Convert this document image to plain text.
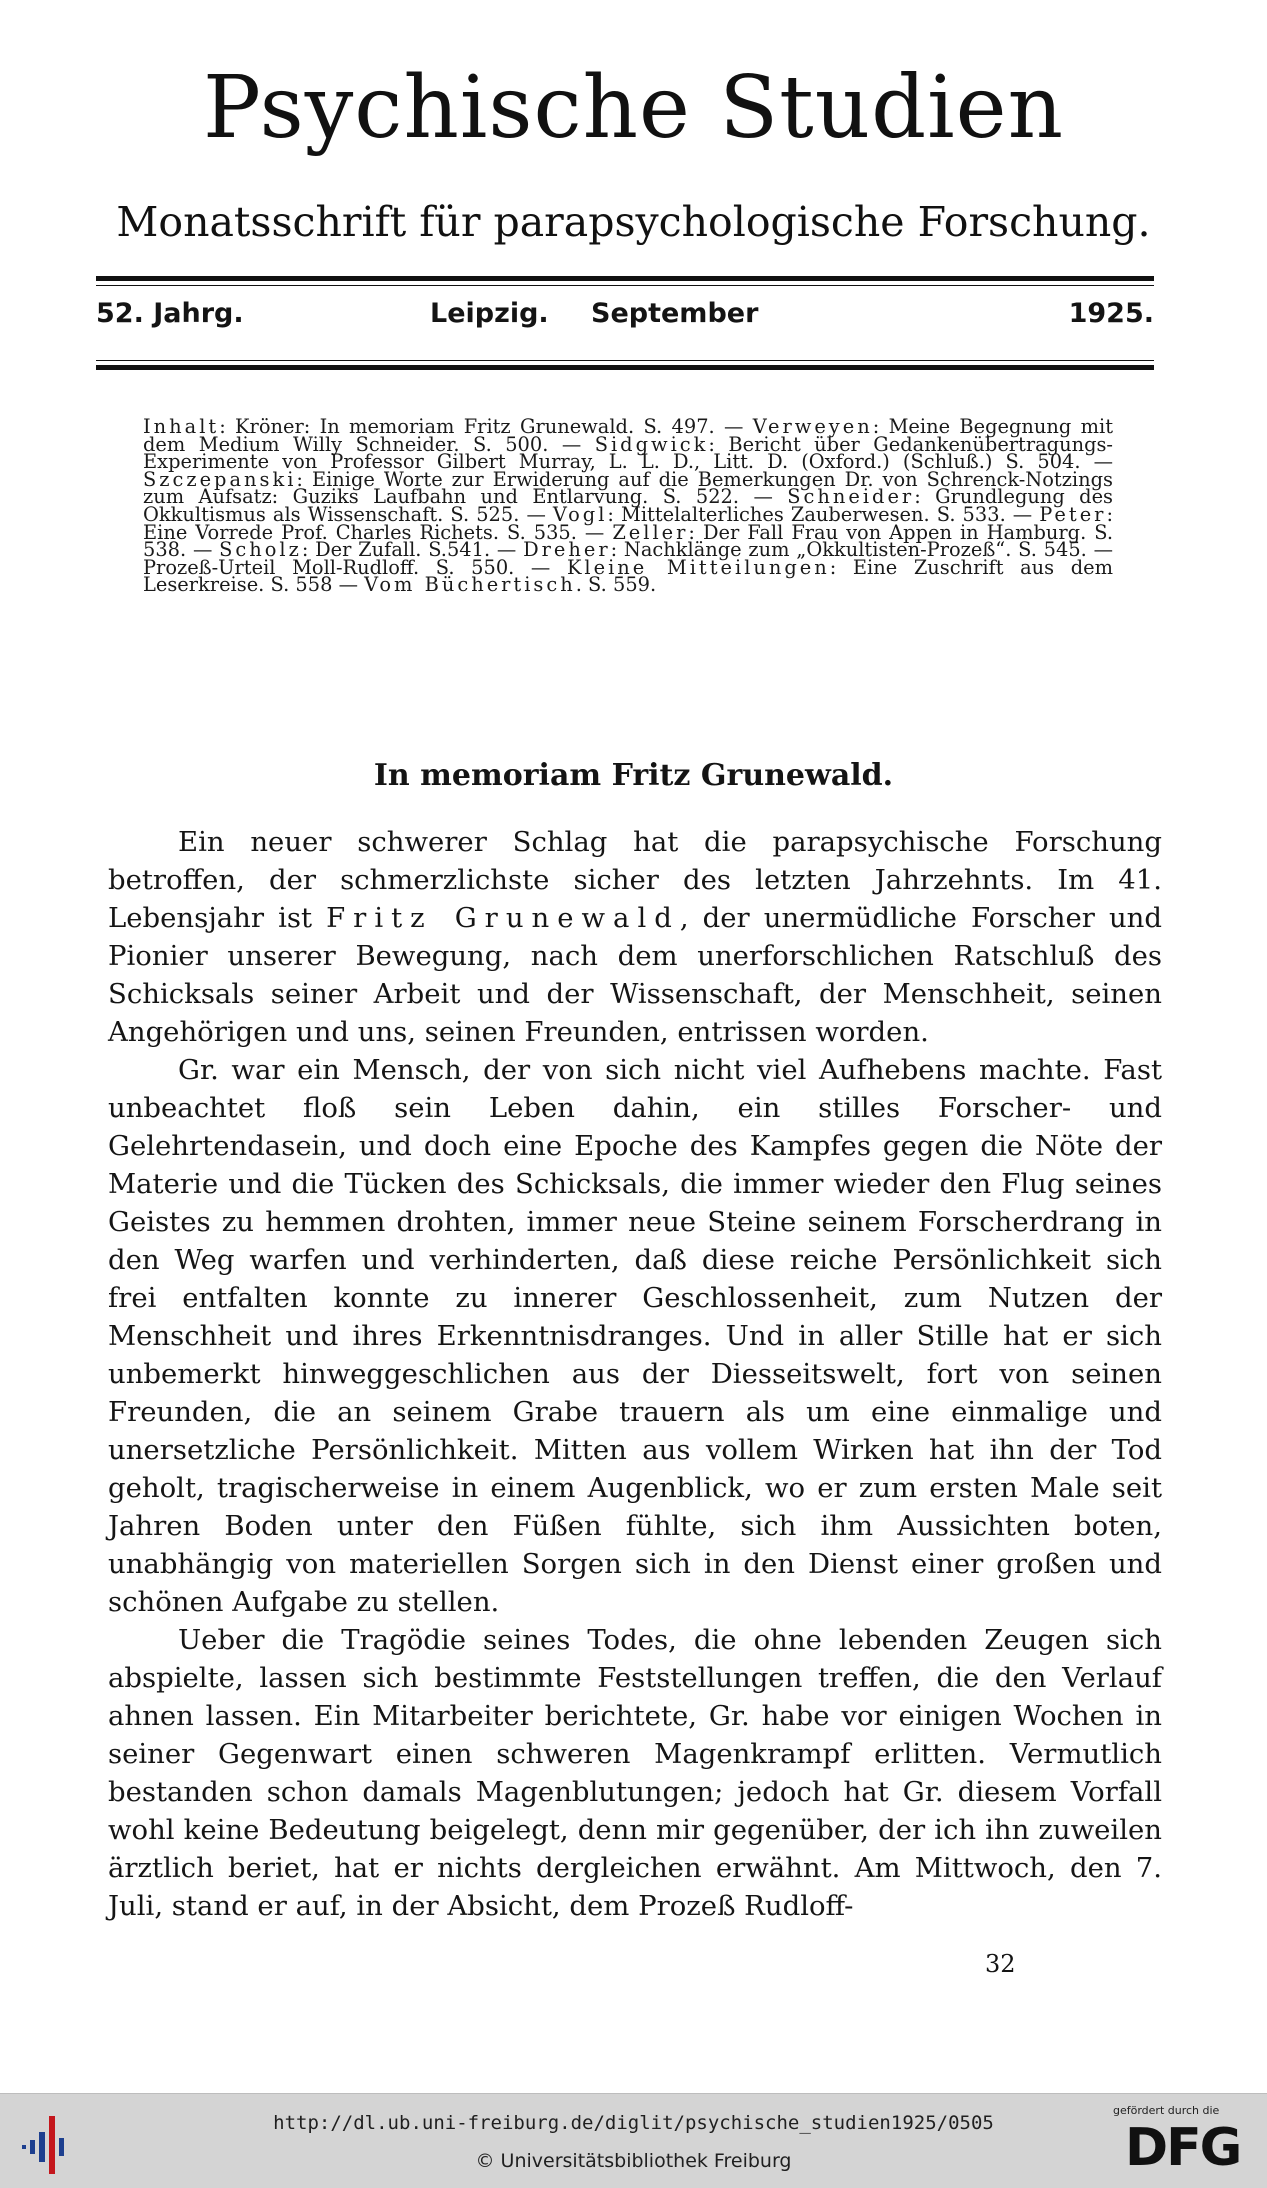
Psychische Studien
Monatsschrift für parapsychologische Forschung.
52. Jahrg.	Leipzig. September	1925.
Inhalt: Kröner: In memoriam Fritz Grunewald. S. 497. — Verweyen: Meine Begegnung mit dem Medium Willy Schneider. S. 500. — Sidgwick: Bericht über Gedankenübertragungs-Experimente von Professor Gilbert Murray, L. L. D., Litt. D. (Oxford.) (Schluß.) S. 504. — Szczepanski: Einige Worte zur Erwiderung auf die Bemerkungen Dr. von Schrenck-Notzings zum Aufsatz: Guziks Laufbahn und Entlarvung. S. 522. — Schneider: Grundlegung des Okkultismus als Wissenschaft. S. 525. — Vogl: Mittelalterliches Zauberwesen. S. 533. — Peter: Eine Vorrede Prof. Charles Richets. S. 535. — Zeller: Der Fall Frau von Appen in Hamburg. S. 538. — Scholz: Der Zufall. S.541. — Dreher: Nachklänge zum „Okkultisten-Prozeß“. S. 545. — Prozeß-Urteil Moll-Rudloff. S. 550. — Kleine Mitteilungen: Eine Zuschrift aus dem Leserkreise. S. 558 — Vom Büchertisch. S. 559.
In memoriam Fritz Grunewald.

Ein neuer schwerer Schlag hat die parapsychische Forschung betroffen, der schmerzlichste sicher des letzten Jahrzehnts. Im 41. Lebensjahr ist Fritz Grunewald, der unermüdliche Forscher und Pionier unserer Bewegung, nach dem unerforschlichen Ratschluß des Schicksals seiner Arbeit und der Wissenschaft, der Menschheit, seinen Angehörigen und uns, seinen Freunden, entrissen worden.

Gr. war ein Mensch, der von sich nicht viel Aufhebens machte. Fast unbeachtet floß sein Leben dahin, ein stilles Forscher- und Gelehrtendasein, und doch eine Epoche des Kampfes gegen die Nöte der Materie und die Tücken des Schicksals, die immer wieder den Flug seines Geistes zu hemmen drohten, immer neue Steine seinem Forscherdrang in den Weg warfen und verhinderten, daß diese reiche Persönlichkeit sich frei entfalten konnte zu innerer Geschlossenheit, zum Nutzen der Menschheit und ihres Erkenntnisdranges. Und in aller Stille hat er sich unbemerkt hinweggeschlichen aus der Diesseitswelt, fort von seinen Freunden, die an seinem Grabe trauern als um eine einmalige und unersetzliche Persönlichkeit. Mitten aus vollem Wirken hat ihn der Tod geholt, tragischerweise in einem Augenblick, wo er zum ersten Male seit Jahren Boden unter den Füßen fühlte, sich ihm Aussichten boten, unabhängig von materiellen Sorgen sich in den Dienst einer großen und schönen Aufgabe zu stellen.

Ueber die Tragödie seines Todes, die ohne lebenden Zeugen sich abspielte, lassen sich bestimmte Feststellungen treffen, die den Verlauf ahnen lassen. Ein Mitarbeiter berichtete, Gr. habe vor einigen Wochen in seiner Gegenwart einen schweren Magenkrampf erlitten. Vermutlich bestanden schon damals Magenblutungen; jedoch hat Gr. diesem Vorfall wohl keine Bedeutung beigelegt, denn mir gegenüber, der ich ihn zuweilen ärztlich beriet, hat er nichts dergleichen erwähnt. Am Mittwoch, den 7. Juli, stand er auf, in der Absicht, dem Prozeß Rudloff-

32
http://dl.ub.uni-freiburg.de/diglit/psychische_studien1925/0505
© Universitätsbibliothek Freiburg
gefördert durch die
DFG
